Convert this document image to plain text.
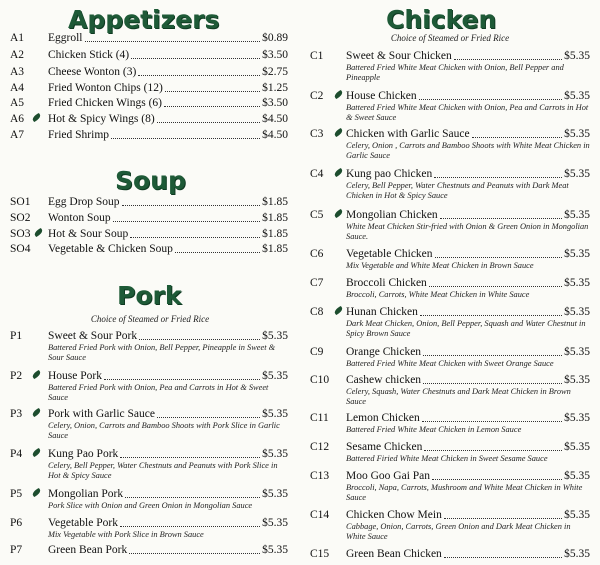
Appetizers
A1 Eggroll	$0.89
A2 Chicken Stick (4)	$3.50
A3 Cheese Wonton (3)	$2.75
A4 Fried Wonton Chips (12)	$1.25
A5 Fried Chicken Wings (6)	$3.50
A6 Hot & Spicy Wings (8)	$4.50
A7 Fried Shrimp	$4.50
Soup
SO1 Egg Drop Soup	$1.85
SO2 Wonton Soup	$1.85
SO3 Hot & Sour Soup	$1.85
SO4 Vegetable & Chicken Soup	$1.85
Pork
Choice of Steamed or Fried Rice
P1 Sweet & Sour Pork	$5.35
Battered Fried Pork with Onion, Bell Pepper, Pineapple in Sweet & Sour Sauce
P2 House Pork	$5.35
Battered Fried Pork with Onion, Pea and Carrots in Hot & Sweet Sauce
P3 Pork with Garlic Sauce	$5.35
Celery, Onion, Carrots and Bamboo Shoots with Pork Slice in Garlic Sauce
P4 Kung Pao Pork	$5.35
Celery, Bell Pepper, Water Chestnuts and Peanuts with Pork Slice in Hot & Spicy Sauce
P5 Mongolian Pork	$5.35
Pork Slice with Onion and Green Onion in Mongolian Sauce
P6 Vegetable Pork	$5.35
Mix Vegetable with Pork Slice in Brown Sauce
P7 Green Bean Pork	$5.35
Chicken
Choice of Steamed or Fried Rice
C1 Sweet & Sour Chicken	$5.35
Battered Fried White Meat Chicken with Onion, Bell Pepper and Pineapple
C2 House Chicken	$5.35
Battered Fried White Meat Chicken with Onion, Pea and Carrots in Hot & Sweet Sauce
C3 Chicken with Garlic Sauce	$5.35
Celery, Onion , Carrots and Bamboo Shoots with White Meat Chicken in Garlic Sauce
C4 Kung pao Chicken	$5.35
Celery, Bell Pepper, Water Chestnuts and Peanuts with Dark Meat Chicken in Hot & Spicy Sauce
C5 Mongolian Chicken	$5.35
White Meat Chicken Stir-fried with Onion & Green Onion in Mongolian Sauce.
C6 Vegetable Chicken	$5.35
Mix Vegetable and White Meat Chicken in Brown Sauce
C7 Broccoli Chicken	$5.35
Broccoli, Carrots, White Meat Chicken in White Sauce
C8 Hunan Chicken	$5.35
Dark Meat Chicken, Onion, Bell Pepper, Squash and Water Chestnut in Spicy Brown Sauce
C9 Orange Chicken	$5.35
Battered Fried White Meat Chicken with Sweet Orange Sauce
C10 Cashew chicken	$5.35
Celery, Squash, Water Chestnuts and Dark Meat Chicken in Brown Sauce
C11 Lemon Chicken	$5.35
Battered Fried White Meat Chicken in Lemon Sauce
C12 Sesame Chicken	$5.35
Battered Firied White Meat Chicken in Sweet Sesame Sauce
C13 Moo Goo Gai Pan	$5.35
Broccoli, Napa, Carrots, Mushroom and White Meat Chicken in White Sauce
C14 Chicken Chow Mein	$5.35
Cabbage, Onion, Carrots, Green Onion and Dark Meat Chicken in White Sauce
C15 Green Bean Chicken	$5.35
